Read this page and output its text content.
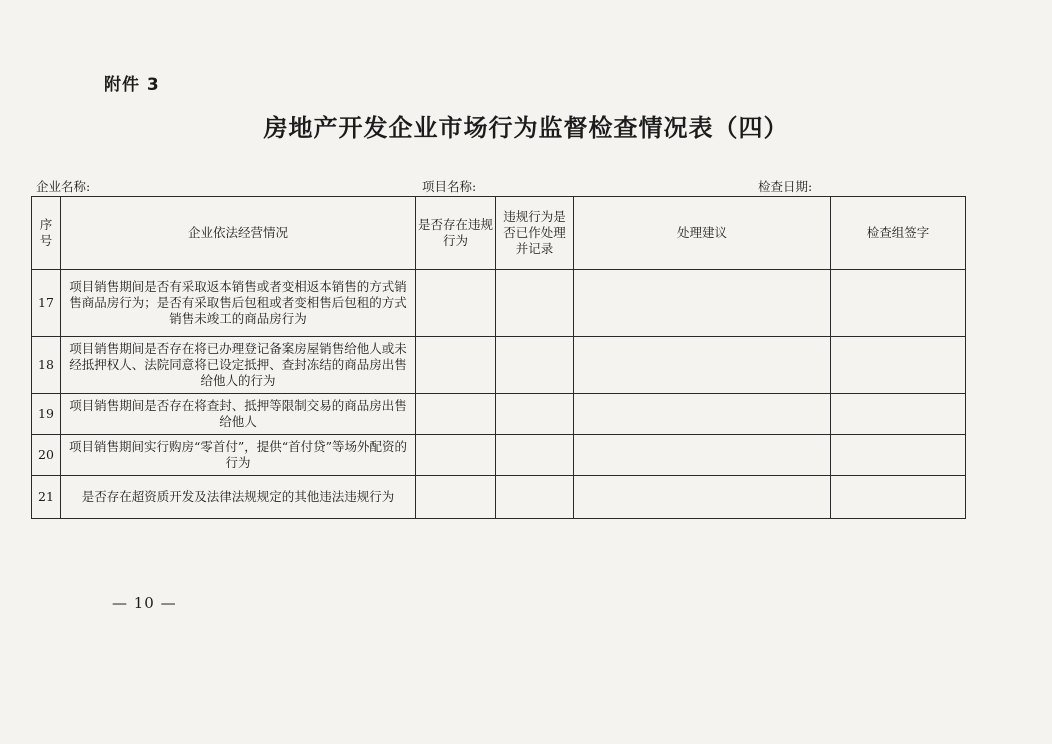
附件 3
房地产开发企业市场行为监督检查情况表（四）
企业名称:	项目名称:	检查日期:
序号	企业依法经营情况	是否存在违规行为	违规行为是否已作处理并记录	处理建议	检查组签字
17	项目销售期间是否有采取返本销售或者变相返本销售的方式销售商品房行为；是否有采取售后包租或者变相售后包租的方式销售未竣工的商品房行为				
18	项目销售期间是否存在将已办理登记备案房屋销售给他人或未经抵押权人、法院同意将已设定抵押、查封冻结的商品房出售给他人的行为				
19	项目销售期间是否存在将查封、抵押等限制交易的商品房出售给他人				
20	项目销售期间实行购房“零首付”，提供“首付贷”等场外配资的行为				
21	是否存在超资质开发及法律法规规定的其他违法违规行为				
— 10 —
